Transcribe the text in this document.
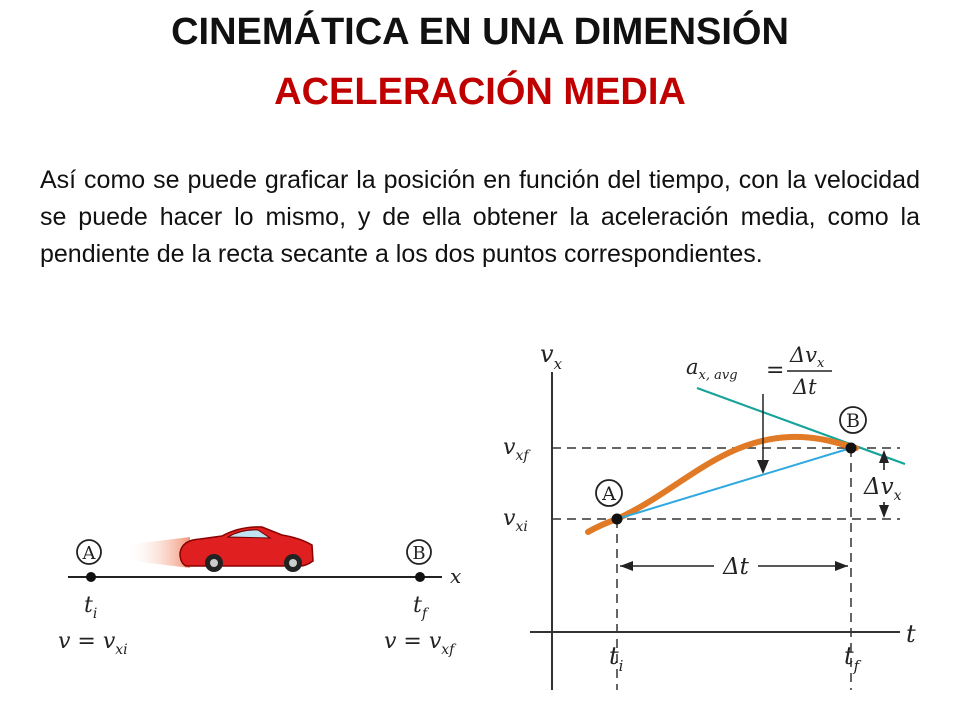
CINEMÁTICA EN UNA DIMENSIÓN
ACELERACIÓN MEDIA
Así como se puede graficar la posición en función del tiempo, con la velocidad se puede hacer lo mismo, y de ella obtener la aceleración media, como la pendiente de la recta secante a los dos puntos correspondientes.
x
A	B
$t_i$	$t_f$
$v = v_{xi}$	$v = v_{xf}$
$v_x$
t
$v_{xf}$
$v_{xi}$
$t_i$	$t_f$
A
B
Δt
$\Delta v_x$
$a_{x, avg}$ =
$\Delta v_x$
Δt
